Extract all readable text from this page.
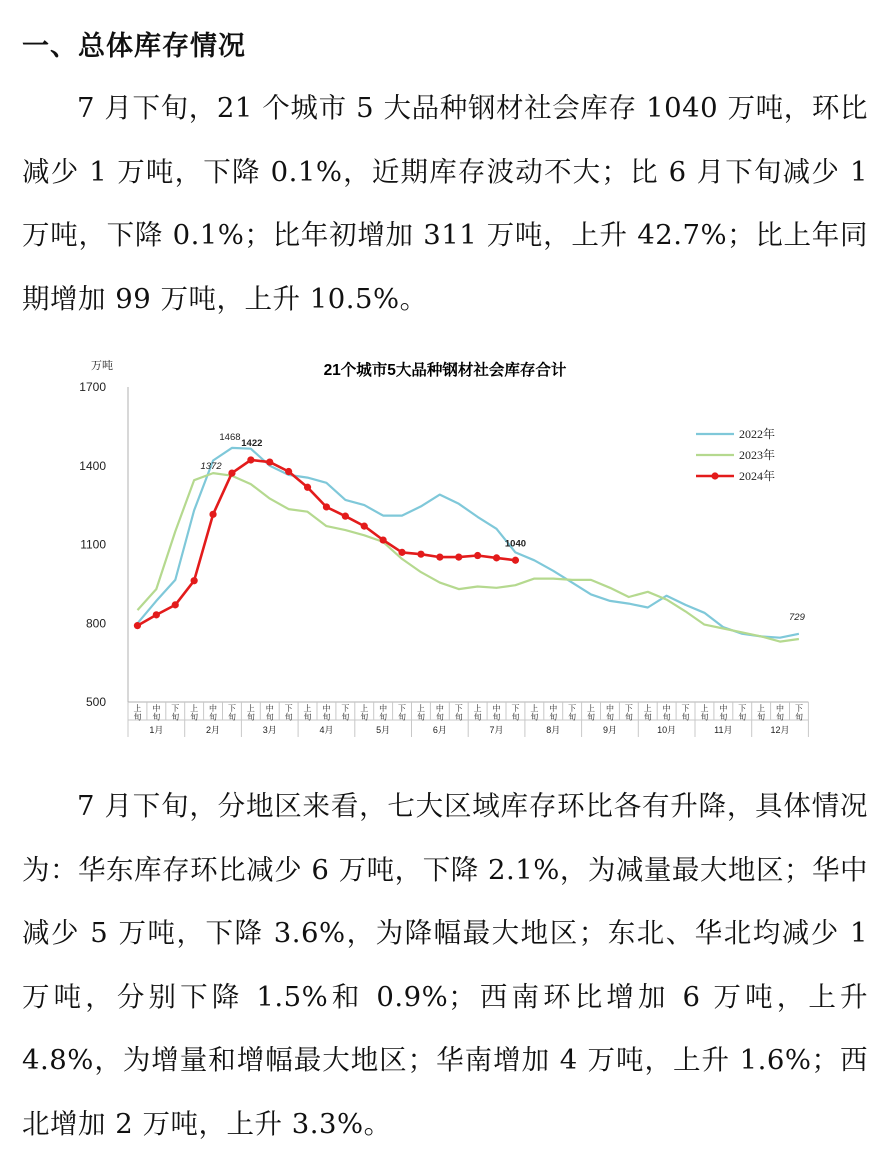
一、总体库存情况

7 月下旬，21 个城市 5 大品种钢材社会库存 1040 万吨，环比减少 1 万吨，下降 0.1%，近期库存波动不大；比 6 月下旬减少 1 万吨，下降 0.1%；比年初增加 311 万吨，上升 42.7%；比上年同期增加 99 万吨，上升 10.5%。

万吨	21个城市5大品种钢材社会库存合计
500
800
1100
1400
1700
上旬
中旬
下旬
上旬
中旬
下旬
上旬
中旬
下旬
上旬
中旬
下旬
上旬
中旬
下旬
上旬
中旬
下旬
上旬
中旬
下旬
上旬
中旬
下旬
上旬
中旬
下旬
上旬
中旬
下旬
上旬
中旬
下旬
上旬
中旬
下旬
1月	2月	3月	4月	5月	6月	7月	8月	9月	10月	11月	12月
1468
1422
1372
1040
729
2022年
2023年
2024年

7 月下旬，分地区来看，七大区域库存环比各有升降，具体情况为：华东库存环比减少 6 万吨，下降 2.1%，为减量最大地区；华中减少 5 万吨，下降 3.6%，为降幅最大地区；东北、华北均减少 1 万吨，分别下降 1.5%和 0.9%；西南环比增加 6 万吨，上升 4.8%，为增量和增幅最大地区；华南增加 4 万吨，上升 1.6%；西北增加 2 万吨，上升 3.3%。
